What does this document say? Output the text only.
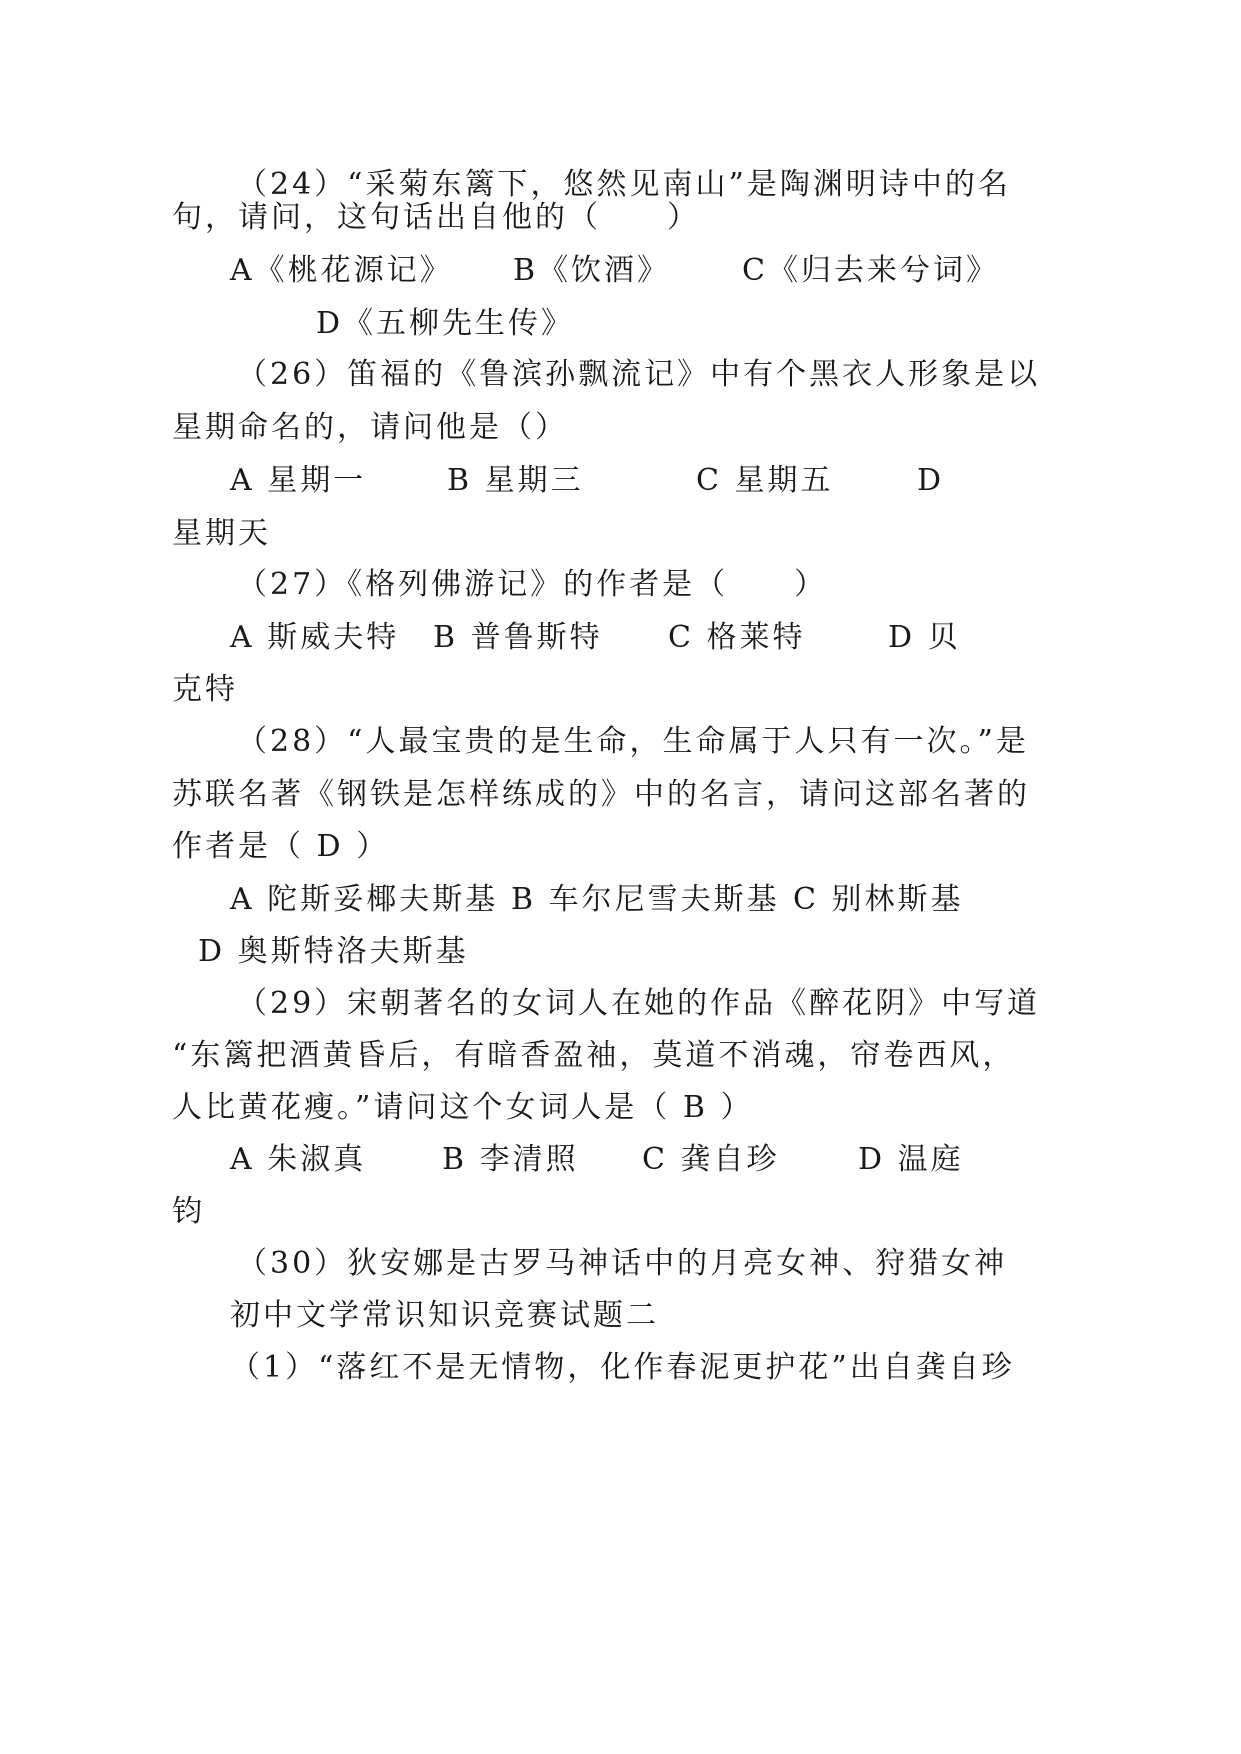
（24）“采菊东篱下，悠然见南山”是陶渊明诗中的名
句，请问，这句话出自他的（　　）
A《桃花源记》 B《饮酒》 C《归去来兮词》
D《五柳先生传》
（26）笛福的《鲁滨孙飘流记》中有个黑衣人形象是以
星期命名的，请问他是（）
A 星期一	B 星期三	C 星期五	D
星期天
（27）《格列佛游记》的作者是（　　）
A 斯威夫特 B 普鲁斯特 C 格莱特	D 贝
克特
（28）“人最宝贵的是生命，生命属于人只有一次。”是
苏联名著《钢铁是怎样练成的》中的名言，请问这部名著的
作者是（ D ）
A 陀斯妥椰夫斯基 B 车尔尼雪夫斯基 C 别林斯基
D 奥斯特洛夫斯基
（29）宋朝著名的女词人在她的作品《醉花阴》中写道
“东篱把酒黄昏后，有暗香盈袖，莫道不消魂，帘卷西风，
人比黄花瘦。”请问这个女词人是（ B ）
A 朱淑真	B 李清照 C 龚自珍	D 温庭
钧
（30）狄安娜是古罗马神话中的月亮女神、狩猎女神
初中文学常识知识竞赛试题二
（1）“落红不是无情物，化作春泥更护花”出自龚自珍
